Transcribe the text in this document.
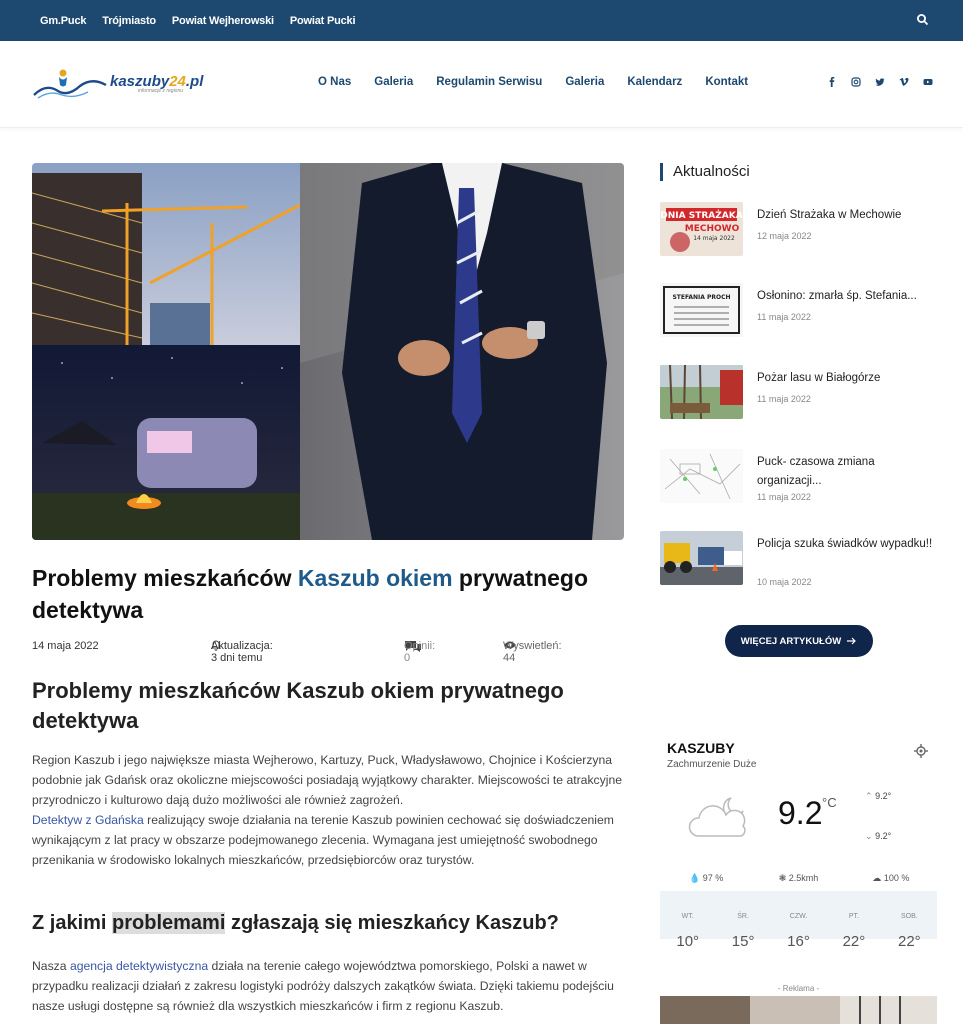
Gm.Puck Trójmiasto Powiat Wejherowski Powiat Pucki
kaszuby24.pl
informacje z regionu
O Nas Galeria Regulamin Serwisu Galeria Kalendarz Kontakt
Problemy mieszkańców Kaszub okiem prywatnego detektywa
14 maja 2022	Aktualizacja: 3 dni temu
Opinii: 0
Wyswietleń: 44
Problemy mieszkańców Kaszub okiem prywatnego detektywa

Region Kaszub i jego największe miasta Wejherowo, Kartuzy, Puck, Władysławowo, Chojnice i Kościerzyna podobnie jak Gdańsk oraz okoliczne miejscowości posiadają wyjątkowy charakter. Miejscowości te atrakcyjne przyrodniczo i kulturowo dają dużo możliwości ale również zagrożeń.
Detektyw z Gdańska realizujący swoje działania na terenie Kaszub powinien cechować się doświadczeniem wynikającym z lat pracy w obszarze podejmowanego zlecenia. Wymagana jest umiejętność swobodnego przenikania w środowisko lokalnych mieszkańców, przedsiębiorców oraz turystów.

Z jakimi problemami zgłaszają się mieszkańcy Kaszub?

Nasza agencja detektywistyczna działa na terenie całego województwa pomorskiego, Polski a nawet w przypadku realizacji działań z zakresu logistyki podróży dalszych zakątków świata. Dzięki takiemu podejściu nasze usługi dostępne są również dla wszystkich mieszkańców i firm z regionu Kaszub.

Aktualności
DNIA STRAŻAKA
MECHOWO
14 maja 2022
Dzień Strażaka w Mechowie
12 maja 2022
STEFANIA PROCH Osłonino: zmarła śp. Stefania...
11 maja 2022
Pożar lasu w Białogórze
11 maja 2022
Puck- czasowa zmiana organizacji...
11 maja 2022
Policja szuka świadków wypadku!!
10 maja 2022
WIĘCEJ ARTYKUŁÓW
KASZUBY
Zachmurzenie Duże
9.2 °C	⌃ 9.2°
⌄ 9.2°
💧 97 %	❃ 2.5kmh	☁ 100 %
WT.
10°
ŚR.
15°
CZW.
16°
PT.
22°
SOB.
22°
- Reklama -
